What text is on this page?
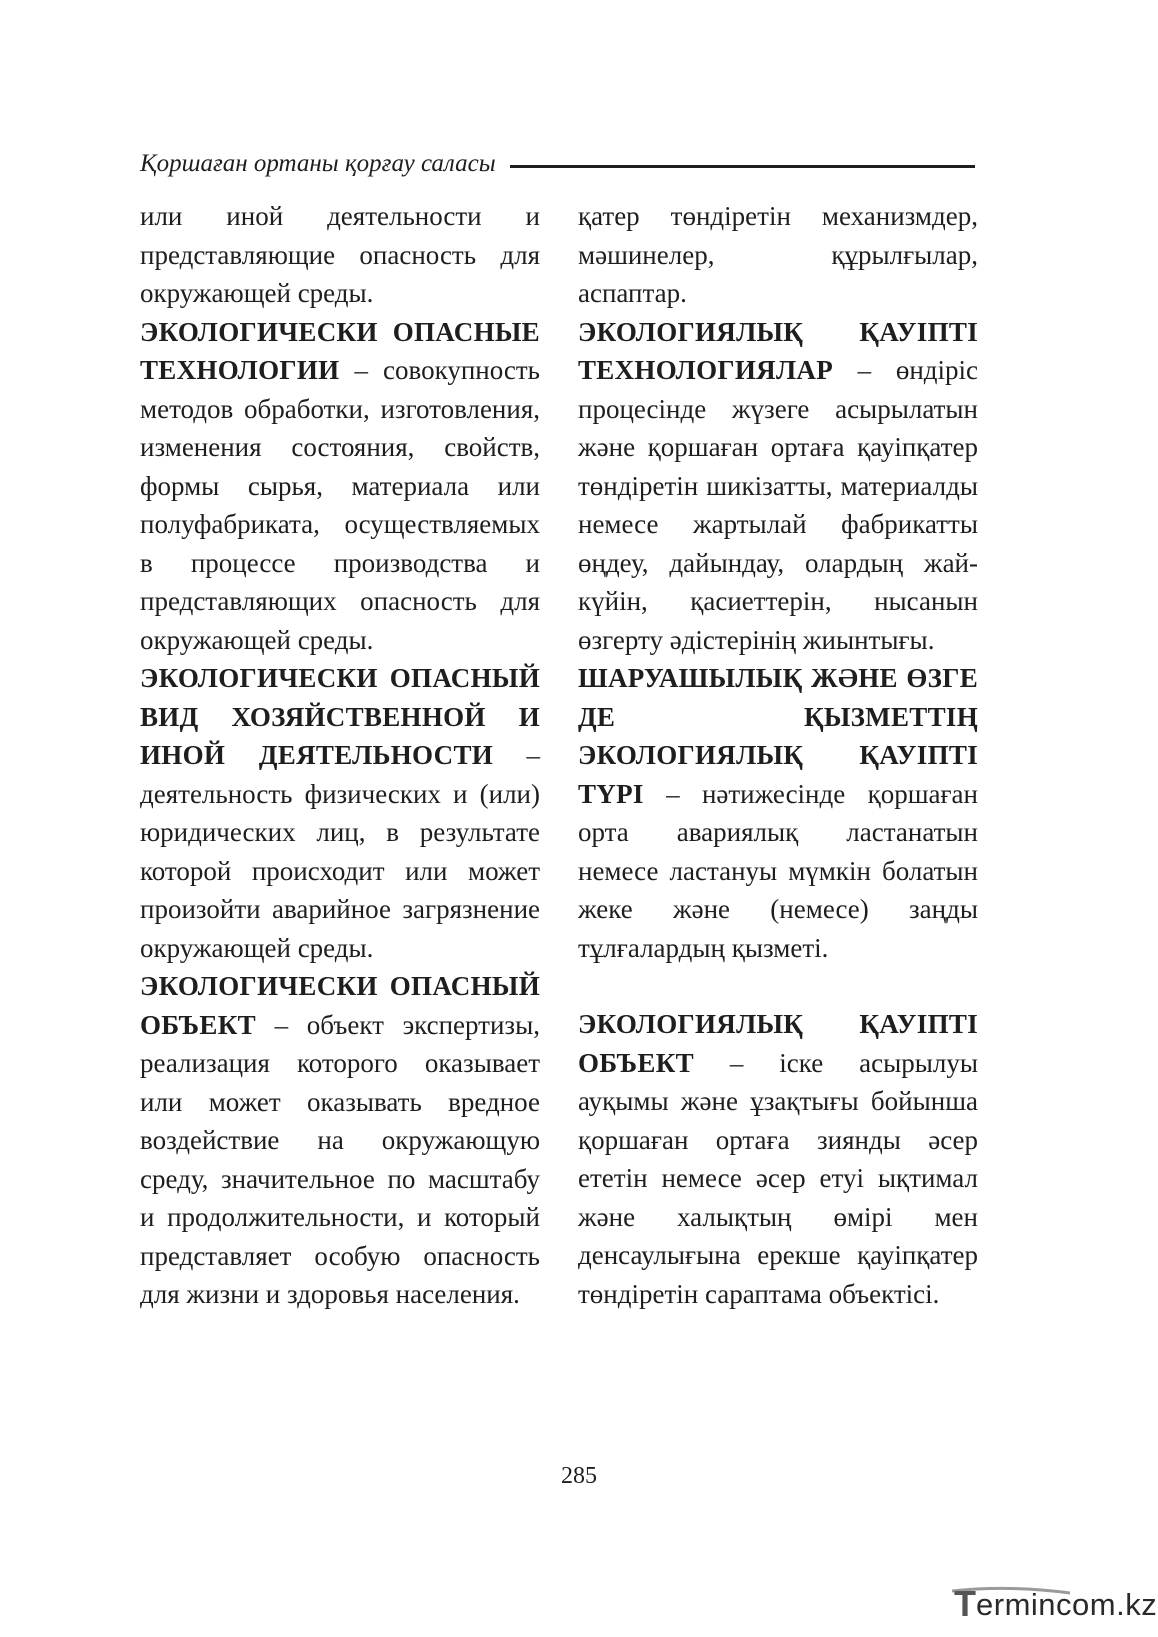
Қоршаған ортаны қорғау саласы

или иной деятельности и представляющие опасность для окружающей среды.

ЭКОЛОГИЧЕСКИ ОПАСНЫЕ ТЕХНОЛОГИИ – совокупность методов обработки, изготовления, изменения состояния, свойств, формы сырья, материала или полуфабриката, осуществляемых в процессе производства и представляющих опасность для окружающей среды.

ЭКОЛОГИЧЕСКИ ОПАСНЫЙ ВИД ХОЗЯЙСТВЕННОЙ И ИНОЙ ДЕЯТЕЛЬНОСТИ – деятельность физических и (или) юридических лиц, в результате которой происходит или может произойти аварийное загрязнение окружающей среды.

ЭКОЛОГИЧЕСКИ ОПАСНЫЙ ОБЪЕКТ – объект экспертизы, реализация которого оказывает или может оказывать вредное воздействие на окружающую среду, значительное по масштабу и продолжительности, и который представляет особую опасность для жизни и здоровья населения.

қатер төндіретін механизмдер, мәшинелер, құрылғылар, аспаптар.

ЭКОЛОГИЯЛЫҚ ҚАУІПТІ ТЕХНОЛОГИЯЛАР – өндіріс процесінде жүзеге асырылатын және қоршаған ортаға қауіпқатер төндіретін шикізатты, материалды немесе жартылай фабрикатты өңдеу, дайындау, олардың жай-күйін, қасиеттерін, нысанын өзгерту әдістерінің жиынтығы.

ШАРУАШЫЛЫҚ ЖӘНЕ ӨЗГЕ ДЕ ҚЫЗМЕТТІҢ ЭКОЛОГИЯЛЫҚ ҚАУІПТІ ТҮРІ – нәтижесінде қоршаған орта авариялық ластанатын немесе ластануы мүмкін болатын жеке және (немесе) заңды тұлғалардың қызметі.

ЭКОЛОГИЯЛЫҚ ҚАУІПТІ ОБЪЕКТ – іске асырылуы ауқымы және ұзақтығы бойынша қоршаған ортаға зиянды әсер ететін немесе әсер етуі ықтимал және халықтың өмірі мен денсаулығына ерекше қауіпқатер төндіретін сараптама объектісі.

285
T ermincom.kz
